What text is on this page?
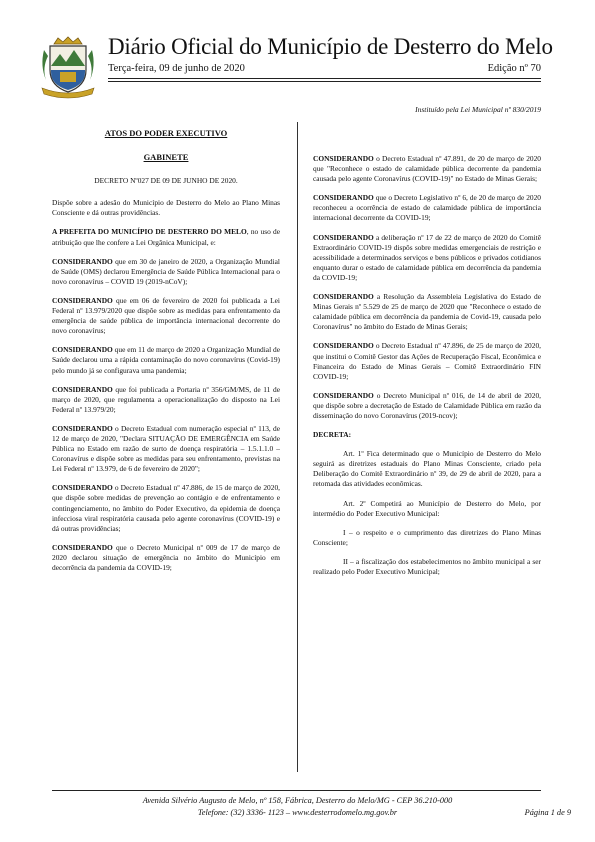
Diário Oficial do Município de Desterro do Melo
Terça-feira, 09 de junho de 2020	Edição nº 70
Instituído pela Lei Municipal nº 830/2019
ATOS DO PODER EXECUTIVO
GABINETE
DECRETO Nº027 DE 09 DE JUNHO DE 2020.

Dispõe sobre a adesão do Município de Desterro do Melo ao Plano Minas Consciente e dá outras providências.

A PREFEITA DO MUNICÍPIO DE DESTERRO DO MELO, no uso de atribuição que lhe confere a Lei Orgânica Municipal, e:

CONSIDERANDO que em 30 de janeiro de 2020, a Organização Mundial de Saúde (OMS) declarou Emergência de Saúde Pública Internacional para o novo coronavírus – COVID 19 (2019-nCoV);

CONSIDERANDO que em 06 de fevereiro de 2020 foi publicada a Lei Federal nº 13.979/2020 que dispõe sobre as medidas para enfrentamento da emergência de saúde pública de importância internacional decorrente do novo coronavírus;

CONSIDERANDO que em 11 de março de 2020 a Organização Mundial de Saúde declarou uma a rápida contaminação do novo coronavírus (Covid-19) pelo mundo já se configurava uma pandemia;

CONSIDERANDO que foi publicada a Portaria nº 356/GM/MS, de 11 de março de 2020, que regulamenta a operacionalização do disposto na Lei Federal nº 13.979/20;

CONSIDERANDO o Decreto Estadual com numeração especial nº 113, de 12 de março de 2020, "Declara SITUAÇÃO DE EMERGÊNCIA em Saúde Pública no Estado em razão de surto de doença respiratória – 1.5.1.1.0 – Coronavírus e dispõe sobre as medidas para seu enfrentamento, previstas na Lei Federal nº 13.979, de 6 de fevereiro de 2020";

CONSIDERANDO o Decreto Estadual nº 47.886, de 15 de março de 2020, que dispõe sobre medidas de prevenção ao contágio e de enfrentamento e contingenciamento, no âmbito do Poder Executivo, da epidemia de doença infecciosa viral respiratória causada pelo agente coronavírus (COVID-19) e dá outras providências;

CONSIDERANDO que o Decreto Municipal nº 009 de 17 de março de 2020 declarou situação de emergência no âmbito do Município em decorrência da pandemia da COVID-19;

CONSIDERANDO o Decreto Estadual nº 47.891, de 20 de março de 2020 que "Reconhece o estado de calamidade pública decorrente da pandemia causada pelo agente Coronavírus (COVID-19)" no Estado de Minas Gerais;

CONSIDERANDO que o Decreto Legislativo nº 6, de 20 de março de 2020 reconheceu a ocorrência de estado de calamidade pública de importância internacional decorrente da COVID-19;

CONSIDERANDO a deliberação nº 17 de 22 de março de 2020 do Comitê Extraordinário COVID-19 dispôs sobre medidas emergenciais de restrição e acessibilidade a determinados serviços e bens públicos e privados cotidianos enquanto durar o estado de calamidade pública em decorrência da pandemia da COVID-19;

CONSIDERANDO a Resolução da Assembleia Legislativa do Estado de Minas Gerais nº 5.529 de 25 de março de 2020 que "Reconhece o estado de calamidade pública em decorrência da pandemia de Covid-19, causada pelo Coronavírus" no âmbito do Estado de Minas Gerais;

CONSIDERANDO o Decreto Estadual nº 47.896, de 25 de março de 2020, que institui o Comitê Gestor das Ações de Recuperação Fiscal, Econômica e Financeira do Estado de Minas Gerais – Comitê Extraordinário FIN COVID-19;

CONSIDERANDO o Decreto Municipal nº 016, de 14 de abril de 2020, que dispõe sobre a decretação de Estado de Calamidade Pública em razão da disseminação do novo Coronavírus (2019-ncov);

DECRETA:

Art. 1º Fica determinado que o Município de Desterro do Melo seguirá as diretrizes estaduais do Plano Minas Consciente, criado pela Deliberação do Comitê Extraordinário nº 39, de 29 de abril de 2020, para a retomada das atividades econômicas.

Art. 2º Competirá ao Município de Desterro do Melo, por intermédio do Poder Executivo Municipal:

I – o respeito e o cumprimento das diretrizes do Plano Minas Consciente;

II – a fiscalização dos estabelecimentos no âmbito municipal a ser realizado pelo Poder Executivo Municipal;

Avenida Silvério Augusto de Melo, nº 158, Fábrica, Desterro do Melo/MG - CEP 36.210-000
Telefone: (32) 3336- 1123 – www.desterrodomelo.mg.gov.br	Página 1 de 9
